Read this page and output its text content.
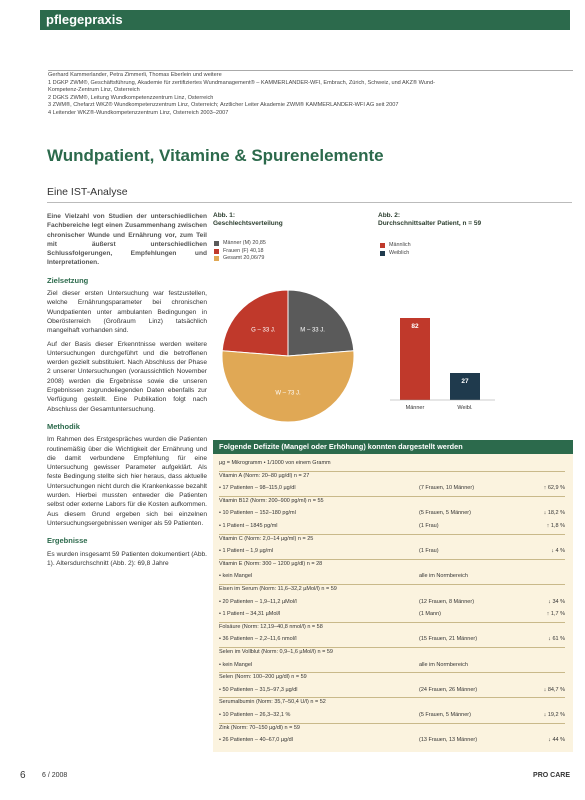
pflegepraxis
Gerhard Kammerlander, Petra Zimmerli, Thomas Eberlein und weitere
1 DGKP ZWM®, Geschäftsführung, Akademie für zertifiziertes Wundmanagement® – KAMMERLANDER-WFI, Embrach, Zürich, Schweiz, und AKZ® Wund-
Kompetenz-Zentrum Linz, Österreich
2 DGKS ZWM®, Leitung Wundkompetenzzentrum Linz, Österreich
3 ZWM®, Chefarzt WKZ® Wundkompetenzzentrum Linz, Österreich; Ärztlicher Leiter Akademie ZWM® KAMMERLANDER-WFI AG seit 2007
4 Leitender WKZ®-Wundkompetenzzentrum Linz, Österreich 2003–2007
Wundpatient, Vitamine & Spurenelemente
Eine IST-Analyse

Eine Vielzahl von Studien der unterschiedlichen Fachbereiche legt einen Zusammenhang zwischen chronischer Wunde und Ernährung vor, zum Teil mit äußerst unterschiedlichen Schlussfolgerungen, Empfehlungen und Interpretationen.

Zielsetzung

Ziel dieser ersten Untersuchung war festzustellen, welche Ernährungsparameter bei chronischen Wundpatienten unter ambulanten Bedingungen in Oberösterreich (Großraum Linz) tatsächlich mangelhaft vorhanden sind.

Auf der Basis dieser Erkenntnisse werden weitere Untersuchungen durchgeführt und die betroffenen werden gezielt substituiert. Nach Abschluss der Phase 2 unserer Untersuchungen (voraussichtlich November 2008) werden die Ergebnisse sowie die unseren Ergebnissen zugrundeliegenden Daten ebenfalls zur Verfügung gestellt. Eine Publikation folgt nach Abschluss der Gesamtuntersuchung.

Methodik

Im Rahmen des Erstgespräches wurden die Patienten routinemäßig über die Wichtigkeit der Ernährung und die damit verbundene Empfehlung für eine Untersuchung gewisser Parameter aufgeklärt. Als feste Bedingung stellte sich hier heraus, dass aktuelle Untersuchungen nicht durch die Krankenkasse bezahlt wurden. Hierbei mussten entweder die Patienten selbst oder externe Labors für die Kosten aufkommen. Aus diesem Grund ergeben sich bei einzelnen Untersuchungsergebnissen weniger als 59 Patienten.

Ergebnisse

Es wurden insgesamt 59 Patienten dokumentiert (Abb. 1). Altersdurchschnitt (Abb. 2): 69,8 Jahre

Abb. 1:
Geschlechtsverteilung
Männer (M) 20,85
Frauen (F) 40,18
Gesamt 20,06/79
G – 33 J.	M – 33 J.
W – 73 J.
Abb. 2:
Durchschnittsalter Patient, n = 59
Männlich
Weiblich
82
Männer
27
Weibl.
Folgende Defizite (Mangel oder Erhöhung) konnten dargestellt werden
µg = Mikrogramm • 1/1000 von einem Gramm
Vitamin A (Norm: 20–80 µg/dl) n = 27
• 17 Patienten – 98–115,0 µg/dl	(7 Frauen, 10 Männer)	↑ 62,9 %
Vitamin B12 (Norm: 200–900 pg/ml) n = 55
• 10 Patienten – 152–180 pg/ml	(5 Frauen, 5 Männer)	↓ 18,2 %
• 1 Patient – 1845 pg/ml	(1 Frau)	↑ 1,8 %
Vitamin C (Norm: 2,0–14 µg/ml) n = 25
• 1 Patient – 1,9 µg/ml	(1 Frau)	↓ 4 %
Vitamin E (Norm: 300 – 1200 µg/dl) n = 28
• kein Mangel	alle im Normbereich
Eisen im Serum (Norm: 11,6–32,2 µMol/l) n = 59
• 20 Patienten – 1,9–11,2 µMol/l	(12 Frauen, 8 Männer)	↓ 34 %
• 1 Patient – 34,31 µMol/l	(1 Mann)	↑ 1,7 %
Folsäure (Norm: 12,19–40,8 nmol/l) n = 58
• 36 Patienten – 2,2–11,6 nmol/l	(15 Frauen, 21 Männer)	↓ 61 %
Selen im Vollblut (Norm: 0,9–1,6 µMol/l) n = 59
• kein Mangel	alle im Normbereich
Selen (Norm: 100–200 µg/dl) n = 59
• 50 Patienten – 31,5–97,3 µg/dl	(24 Frauen, 26 Männer)	↓ 84,7 %
Serumalbumin (Norm: 35,7–50,4 U/l) n = 52
• 10 Patienten – 26,3–32,1 %	(5 Frauen, 5 Männer)	↓ 19,2 %
Zink (Norm: 70–150 µg/dl) n = 59
• 26 Patienten – 40–67,0 µg/dl	(13 Frauen, 13 Männer)	↓ 44 %
6 6 / 2008	PRO CARE
